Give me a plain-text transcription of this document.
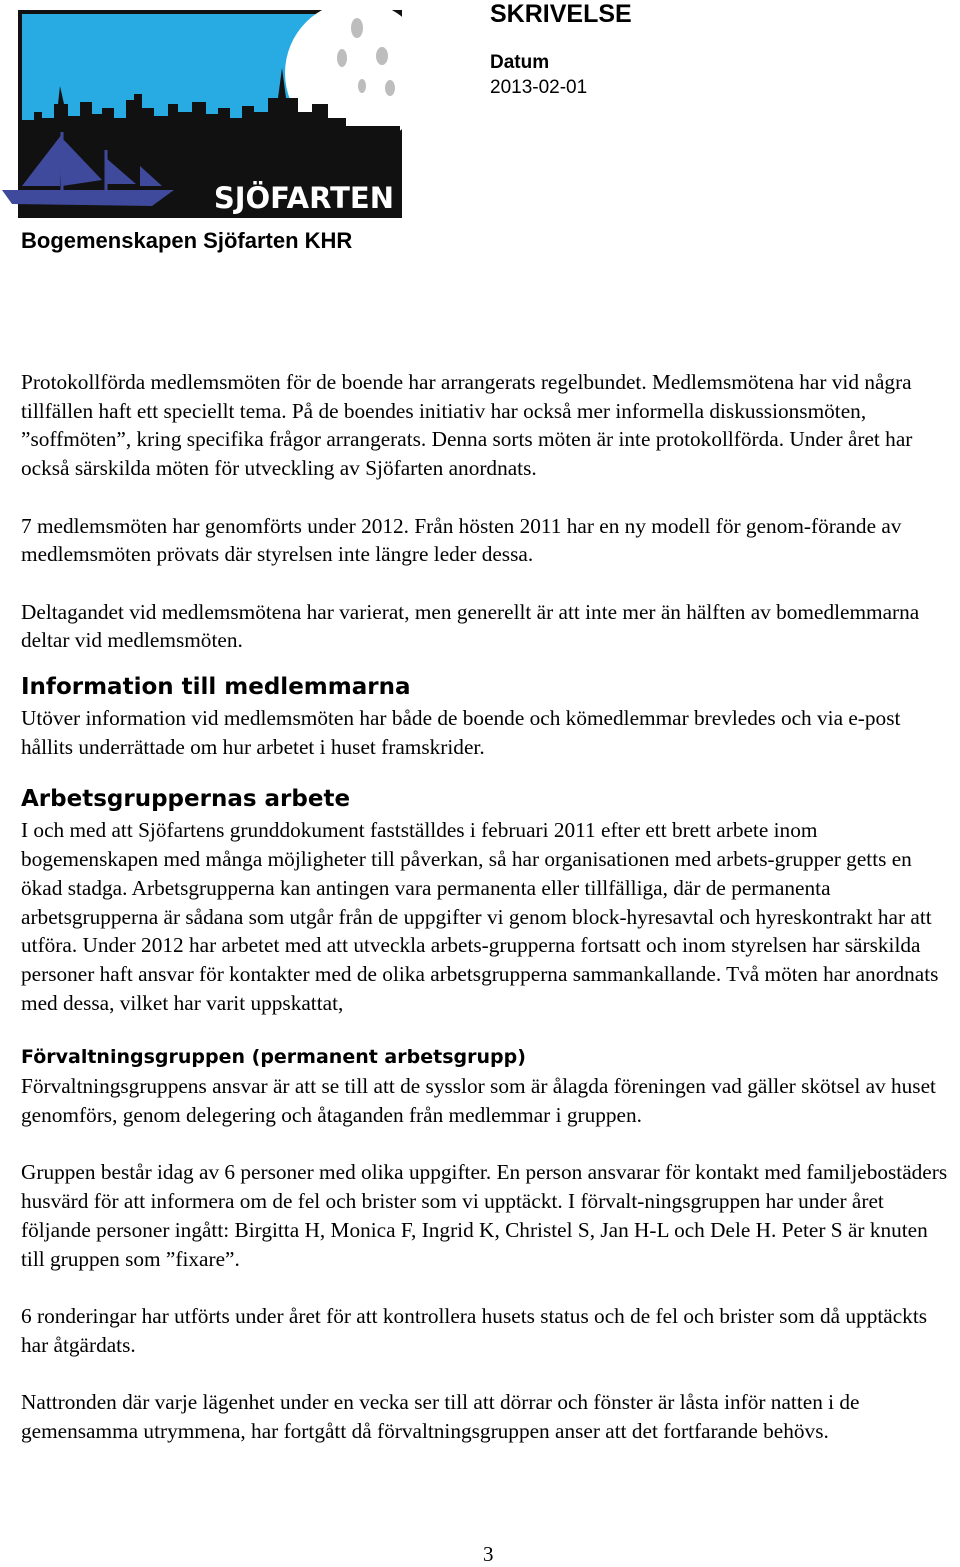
SJÖFARTEN
SKRIVELSE
Datum
2013-02-01
Bogemenskapen Sjöfarten KHR

Protokollförda medlemsmöten för de boende har arrangerats regelbundet. Medlemsmötena har vid några tillfällen haft ett speciellt tema. På de boendes initiativ har också mer informella diskussionsmöten, ”soffmöten”, kring specifika frågor arrangerats. Denna sorts möten är inte protokollförda. Under året har också särskilda möten för utveckling av Sjöfarten anordnats.

7 medlemsmöten har genomförts under 2012. Från hösten 2011 har en ny modell för genom-förande av medlemsmöten prövats där styrelsen inte längre leder dessa.

Deltagandet vid medlemsmötena har varierat, men generellt är att inte mer än hälften av bomedlemmarna deltar vid medlemsmöten.

Information till medlemmarna

Utöver information vid medlemsmöten har både de boende och kömedlemmar brevledes och via e-post hållits underrättade om hur arbetet i huset framskrider.

Arbetsgruppernas arbete

I och med att Sjöfartens grunddokument fastställdes i februari 2011 efter ett brett arbete inom bogemenskapen med många möjligheter till påverkan, så har organisationen med arbets-grupper getts en ökad stadga. Arbetsgrupperna kan antingen vara permanenta eller tillfälliga, där de permanenta arbetsgrupperna är sådana som utgår från de uppgifter vi genom block-hyresavtal och hyreskontrakt har att utföra. Under 2012 har arbetet med att utveckla arbets-grupperna fortsatt och inom styrelsen har särskilda personer haft ansvar för kontakter med de olika arbetsgrupperna sammankallande. Två möten har anordnats med dessa, vilket har varit uppskattat,

Förvaltningsgruppen (permanent arbetsgrupp)

Förvaltningsgruppens ansvar är att se till att de sysslor som är ålagda föreningen vad gäller skötsel av huset genomförs, genom delegering och åtaganden från medlemmar i gruppen.

Gruppen består idag av 6 personer med olika uppgifter. En person ansvarar för kontakt med familjebostäders husvärd för att informera om de fel och brister som vi upptäckt. I förvalt-ningsgruppen har under året följande personer ingått: Birgitta H, Monica F, Ingrid K, Christel S, Jan H-L och Dele H. Peter S är knuten till gruppen som ”fixare”.

6 ronderingar har utförts under året för att kontrollera husets status och de fel och brister som då upptäckts har åtgärdats.

Nattronden där varje lägenhet under en vecka ser till att dörrar och fönster är låsta inför natten i de gemensamma utrymmena, har fortgått då förvaltningsgruppen anser att det fortfarande behövs.

3
